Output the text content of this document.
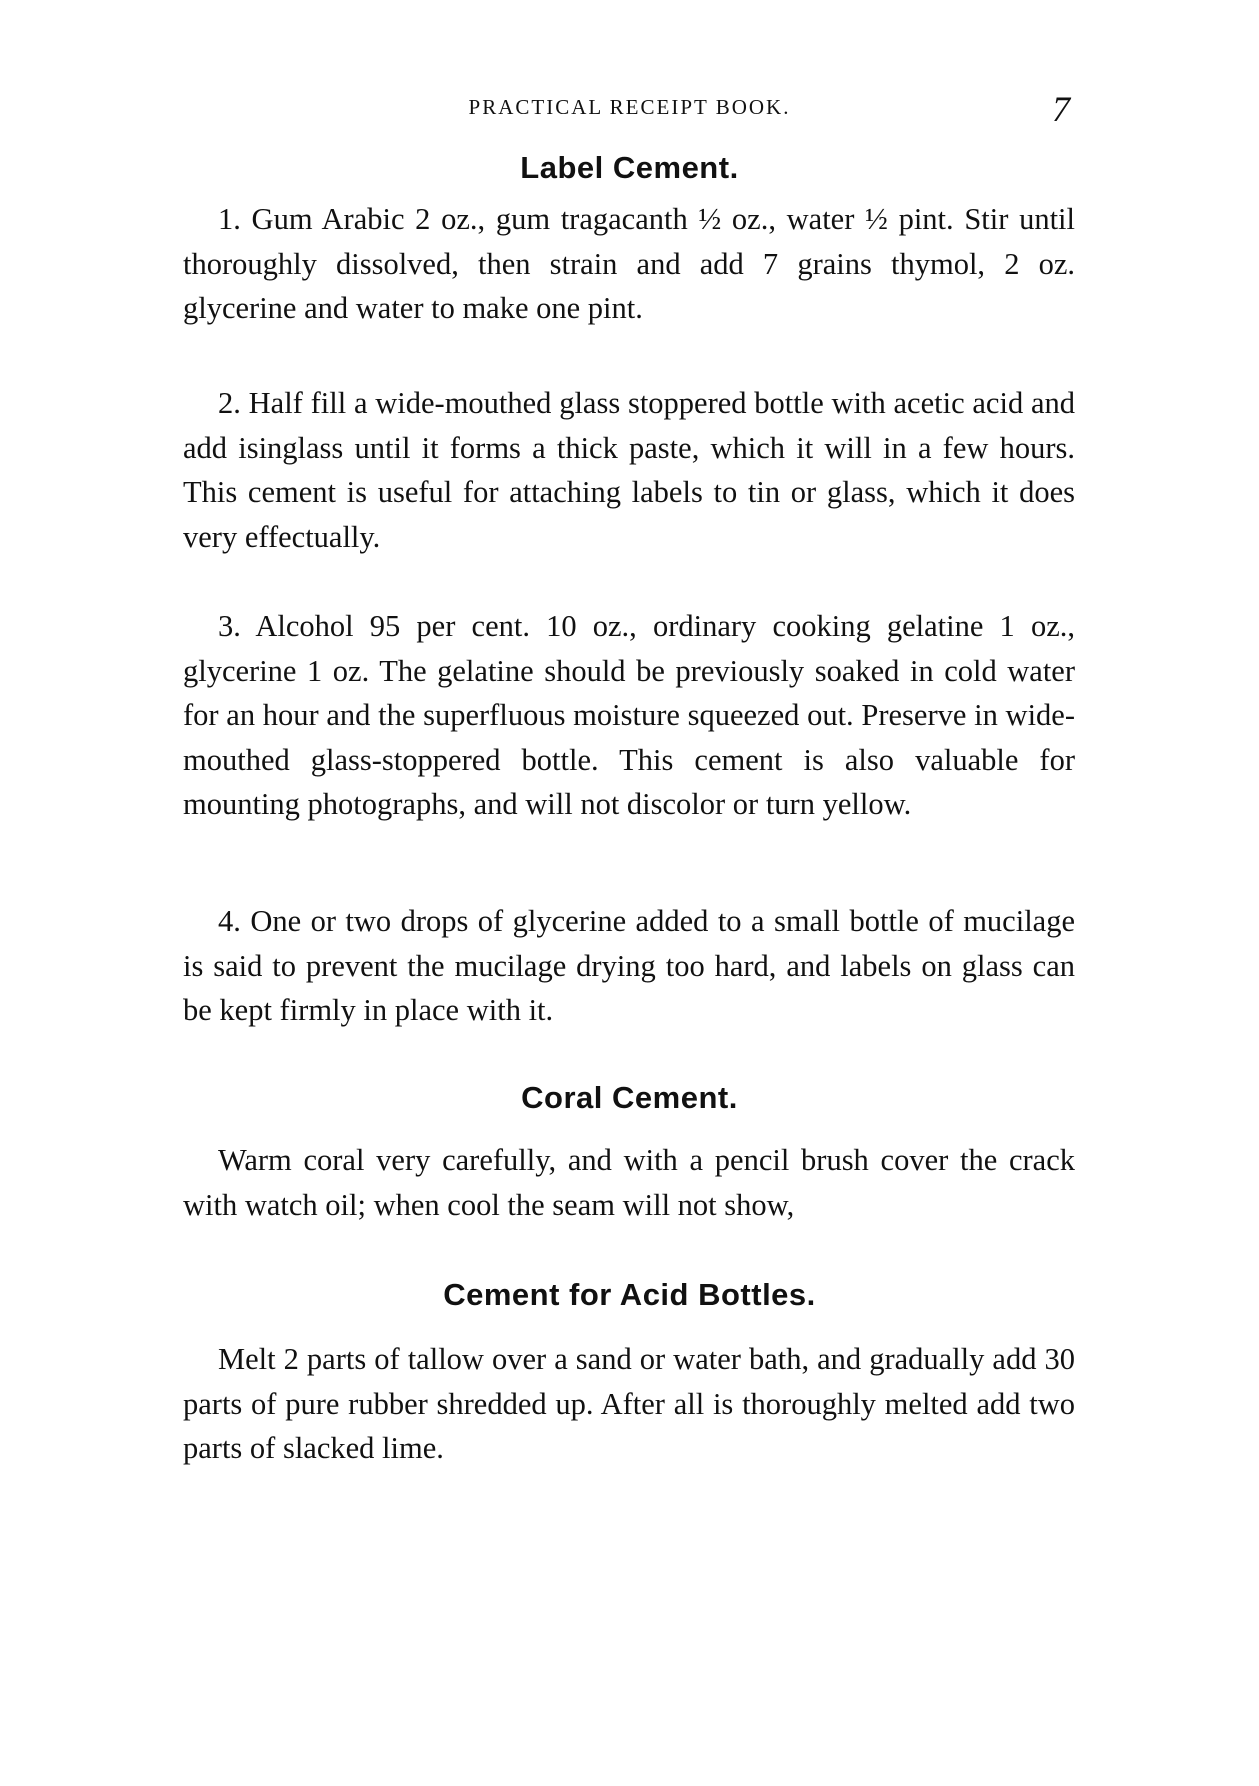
PRACTICAL RECEIPT BOOK.	7
Label Cement.

1. Gum Arabic 2 oz., gum tragacanth ½ oz., water ½ pint. Stir until thoroughly dissolved, then strain and add 7 grains thymol, 2 oz. glycerine and water to make one pint.

2. Half fill a wide-mouthed glass stoppered bottle with acetic acid and add isinglass until it forms a thick paste, which it will in a few hours. This cement is useful for attaching labels to tin or glass, which it does very effectually.

3. Alcohol 95 per cent. 10 oz., ordinary cooking gelatine 1 oz., glycerine 1 oz. The gelatine should be previously soaked in cold water for an hour and the superfluous moisture squeezed out. Preserve in wide-mouthed glass-stoppered bottle. This cement is also valuable for mounting photographs, and will not discolor or turn yellow.

4. One or two drops of glycerine added to a small bottle of mucilage is said to prevent the mucilage drying too hard, and labels on glass can be kept firmly in place with it.

Coral Cement.

Warm coral very carefully, and with a pencil brush cover the crack with watch oil; when cool the seam will not show,

Cement for Acid Bottles.

Melt 2 parts of tallow over a sand or water bath, and gradually add 30 parts of pure rubber shredded up. After all is thoroughly melted add two parts of slacked lime.
